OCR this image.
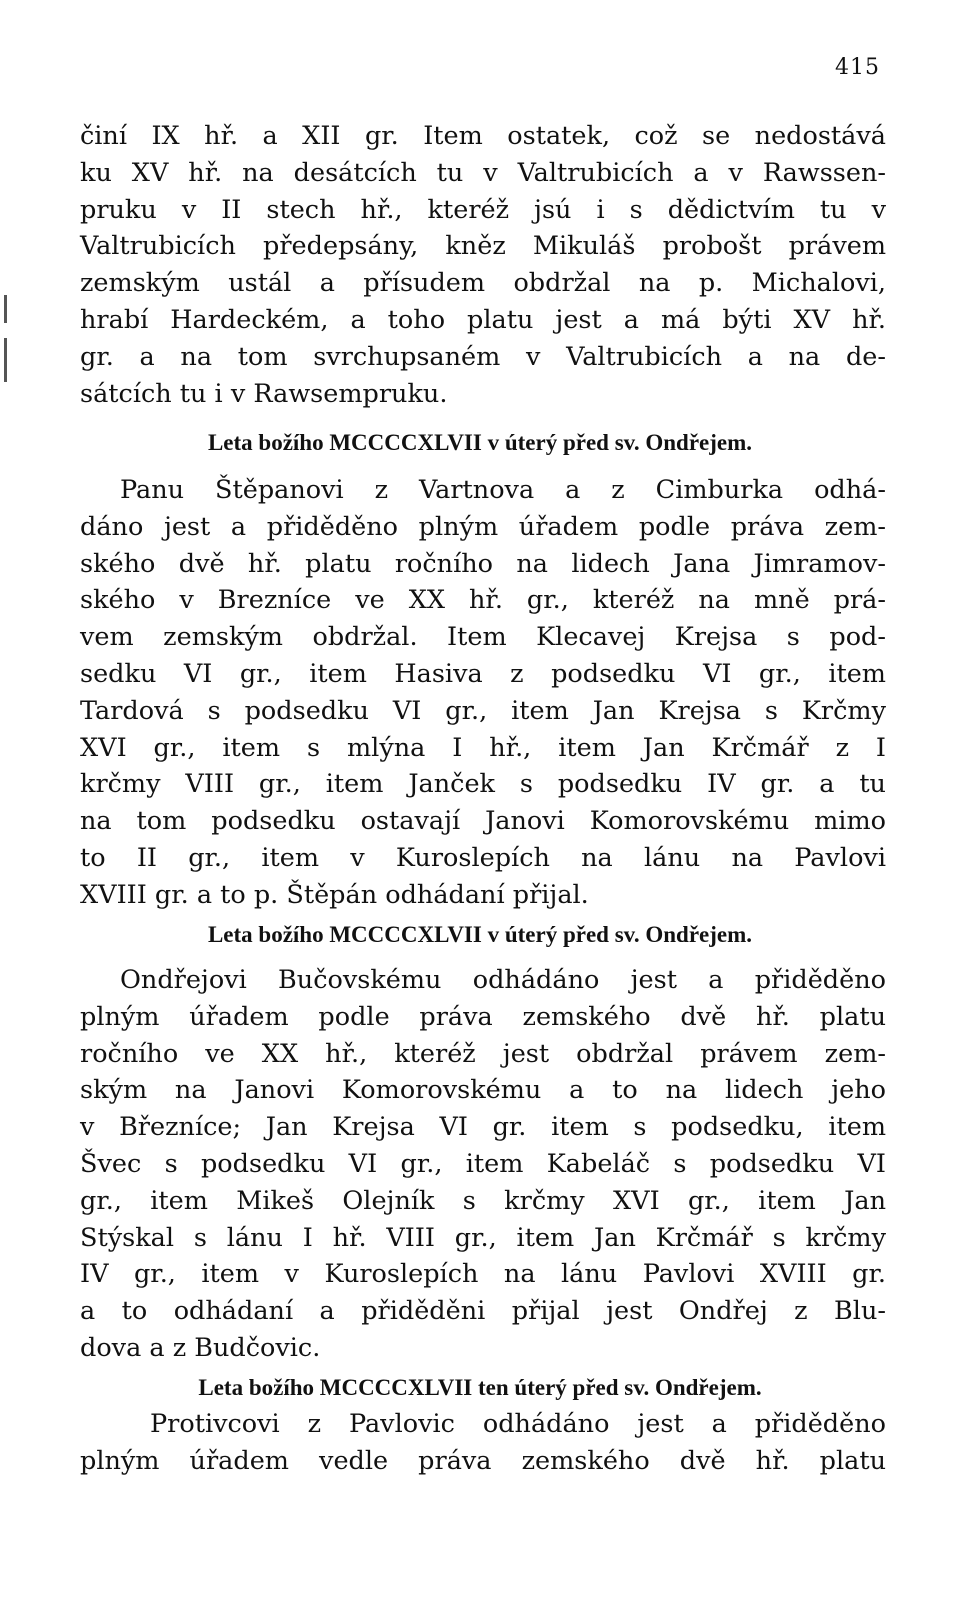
415
činí IX hř. a XII gr. Item ostatek, což se nedostává
ku XV hř. na desátcích tu v Valtrubicích a v Rawssen-
pruku v II stech hř., kteréž jsú i s dědictvím tu v
Valtrubicích předepsány, kněz Mikuláš probošt právem
zemským ustál a přísudem obdržal na p. Michalovi,
hrabí Hardeckém, a toho platu jest a má býti XV hř.
gr. a na tom svrchupsaném v Valtrubicích a na de-
sátcích tu i v Rawsempruku.
Leta božího MCCCCXLVII v úterý před sv. Ondřejem.
Panu Štěpanovi z Vartnova a z Cimburka odhá-
dáno jest a přiděděno plným úřadem podle práva zem-
ského dvě hř. platu ročního na lidech Jana Jimramov-
ského v Brezníce ve XX hř. gr., kteréž na mně prá-
vem zemským obdržal. Item Klecavej Krejsa s pod-
sedku VI gr., item Hasiva z podsedku VI gr., item
Tardová s podsedku VI gr., item Jan Krejsa s Krčmy
XVI gr., item s mlýna I hř., item Jan Krčmář z I
krčmy VIII gr., item Janček s podsedku IV gr. a tu
na tom podsedku ostavají Janovi Komorovskému mimo
to II gr., item v Kuroslepích na lánu na Pavlovi
XVIII gr. a to p. Štěpán odhádaní přijal.
Leta božího MCCCCXLVII v úterý před sv. Ondřejem.
Ondřejovi Bučovskému odhádáno jest a přiděděno
plným úřadem podle práva zemského dvě hř. platu
ročního ve XX hř., kteréž jest obdržal právem zem-
ským na Janovi Komorovskému a to na lidech jeho
v Březníce; Jan Krejsa VI gr. item s podsedku, item
Švec s podsedku VI gr., item Kabeláč s podsedku VI
gr., item Mikeš Olejník s krčmy XVI gr., item Jan
Stýskal s lánu I hř. VIII gr., item Jan Krčmář s krčmy
IV gr., item v Kuroslepích na lánu Pavlovi XVIII gr.
a to odhádaní a přiděděnі přijal jest Ondřej z Blu-
dova a z Budčovic.
Leta božího MCCCCXLVII ten úterý před sv. Ondřejem.
Protivcovi z Pavlovic odhádáno jest a přiděděno
plným úřadem vedle práva zemského dvě hř. platu
